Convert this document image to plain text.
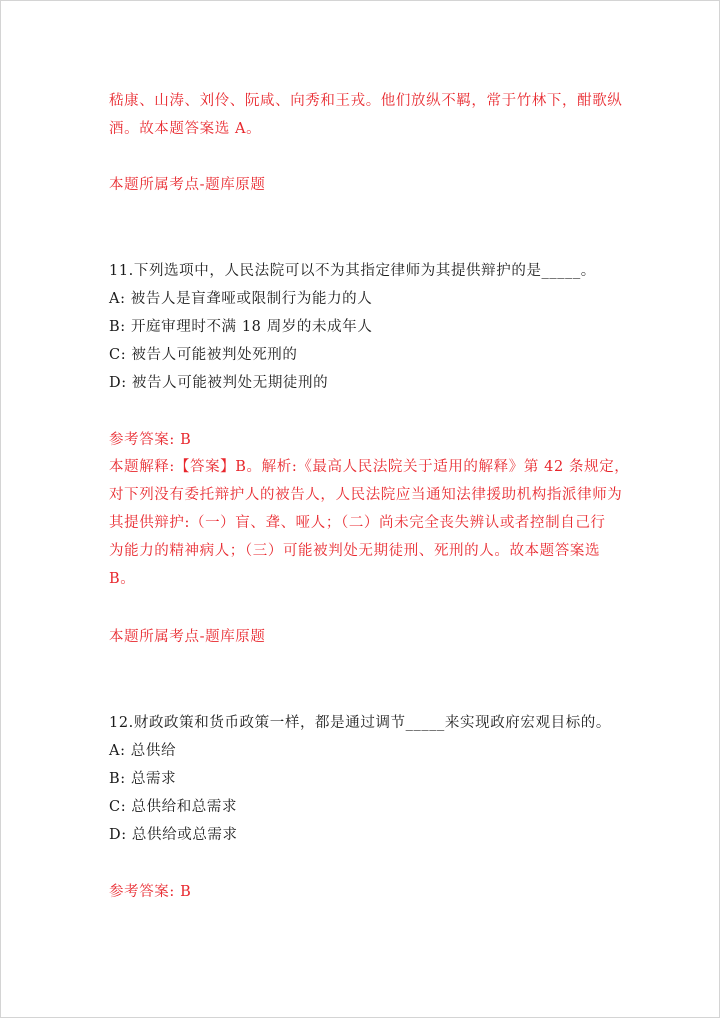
嵇康、山涛、刘伶、阮咸、向秀和王戎。他们放纵不羁，常于竹林下，酣歌纵
酒。故本题答案选 A。
本题所属考点-题库原题
11.下列选项中，人民法院可以不为其指定律师为其提供辩护的是_____。
A: 被告人是盲聋哑或限制行为能力的人
B: 开庭审理时不满 18 周岁的未成年人
C: 被告人可能被判处死刑的
D: 被告人可能被判处无期徒刑的
参考答案: B
本题解释:【答案】B。解析:《最高人民法院关于适用的解释》第 42 条规定，
对下列没有委托辩护人的被告人，人民法院应当通知法律援助机构指派律师为
其提供辩护:（一）盲、聋、哑人；（二）尚未完全丧失辨认或者控制自己行
为能力的精神病人；（三）可能被判处无期徒刑、死刑的人。故本题答案选
B。
本题所属考点-题库原题
12.财政政策和货币政策一样，都是通过调节_____来实现政府宏观目标的。
A: 总供给
B: 总需求
C: 总供给和总需求
D: 总供给或总需求
参考答案: B
